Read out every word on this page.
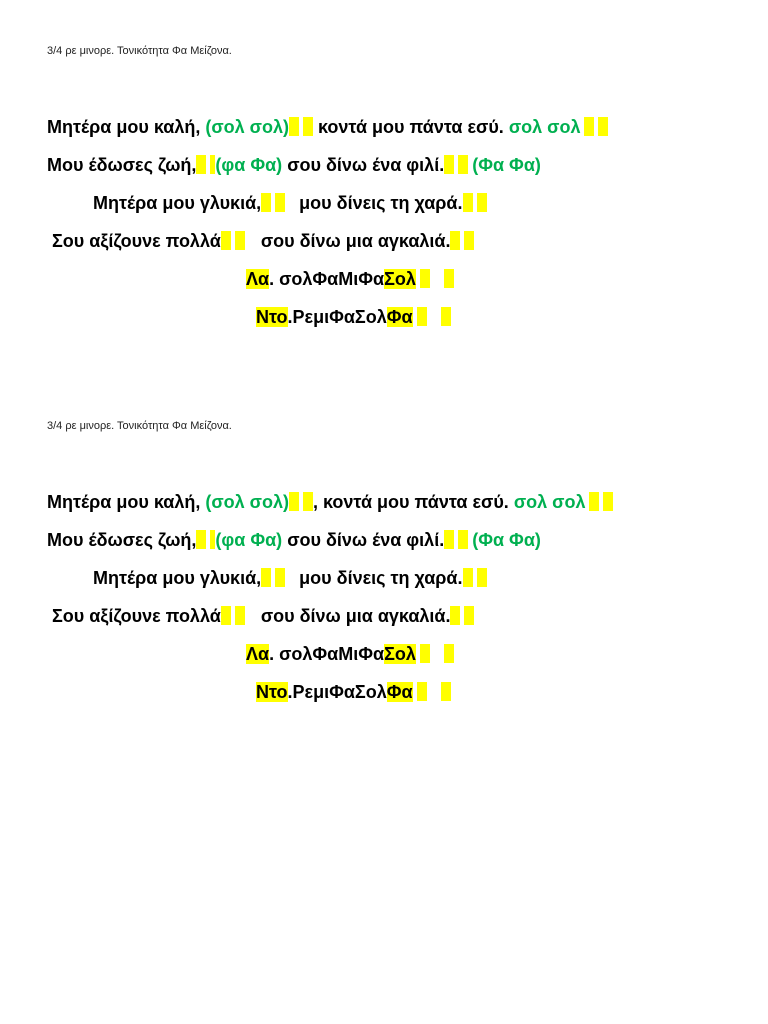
3/4 ρε μινορε. Τονικότητα Φα Μείζονα.
Μητέρα μου καλή, (σολ σολ) κοντά μου πάντα εσύ. σολ σολ
Μου έδωσες ζωή, (φα Φα) σου δίνω ένα φιλί. (Φα Φα)
Μητέρα μου γλυκιά, μου δίνεις τη χαρά.
Σου αξίζουνε πολλά σου δίνω μια αγκαλιά.
Λα. σολΦαΜιΦαΣολ
Ντο.ΡεμιΦαΣολΦα
3/4 ρε μινορε. Τονικότητα Φα Μείζονα.
Μητέρα μου καλή, (σολ σολ) , κοντά μου πάντα εσύ. σολ σολ
Μου έδωσες ζωή, (φα Φα) σου δίνω ένα φιλί. (Φα Φα)
Μητέρα μου γλυκιά, μου δίνεις τη χαρά.
Σου αξίζουνε πολλά σου δίνω μια αγκαλιά.
Λα. σολΦαΜιΦαΣολ
Ντο.ΡεμιΦαΣολΦα
